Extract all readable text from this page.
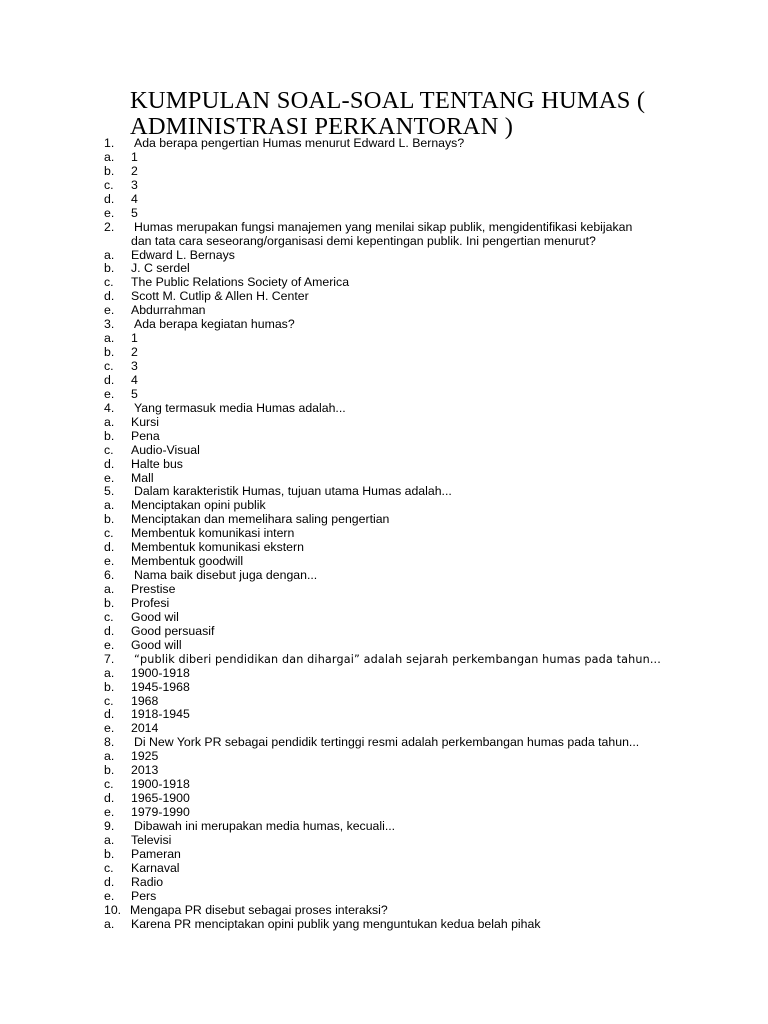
KUMPULAN SOAL-SOAL TENTANG HUMAS (
ADMINISTRASI PERKANTORAN )
1. Ada berapa pengertian Humas menurut Edward L. Bernays?
a. 1
b. 2
c. 3
d. 4
e. 5
2. Humas merupakan fungsi manajemen yang menilai sikap publik, mengidentifikasi kebijakan
dan tata cara seseorang/organisasi demi kepentingan publik. Ini pengertian menurut?
a. Edward L. Bernays
b. J. C serdel
c. The Public Relations Society of America
d. Scott M. Cutlip & Allen H. Center
e. Abdurrahman
3. Ada berapa kegiatan humas?
a. 1
b. 2
c. 3
d. 4
e. 5
4. Yang termasuk media Humas adalah...
a. Kursi
b. Pena
c. Audio-Visual
d. Halte bus
e. Mall
5. Dalam karakteristik Humas, tujuan utama Humas adalah...
a. Menciptakan opini publik
b. Menciptakan dan memelihara saling pengertian
c. Membentuk komunikasi intern
d. Membentuk komunikasi ekstern
e. Membentuk goodwill
6. Nama baik disebut juga dengan...
a. Prestise
b. Profesi
c. Good wil
d. Good persuasif
e. Good will
7. “publik diberi pendidikan dan dihargai” adalah sejarah perkembangan humas pada tahun...
a. 1900-1918
b. 1945-1968
c. 1968
d. 1918-1945
e. 2014
8. Di New York PR sebagai pendidik tertinggi resmi adalah perkembangan humas pada tahun...
a. 1925
b. 2013
c. 1900-1918
d. 1965-1900
e. 1979-1990
9. Dibawah ini merupakan media humas, kecuali...
a. Televisi
b. Pameran
c. Karnaval
d. Radio
e. Pers
10. Mengapa PR disebut sebagai proses interaksi?
a. Karena PR menciptakan opini publik yang menguntukan kedua belah pihak
